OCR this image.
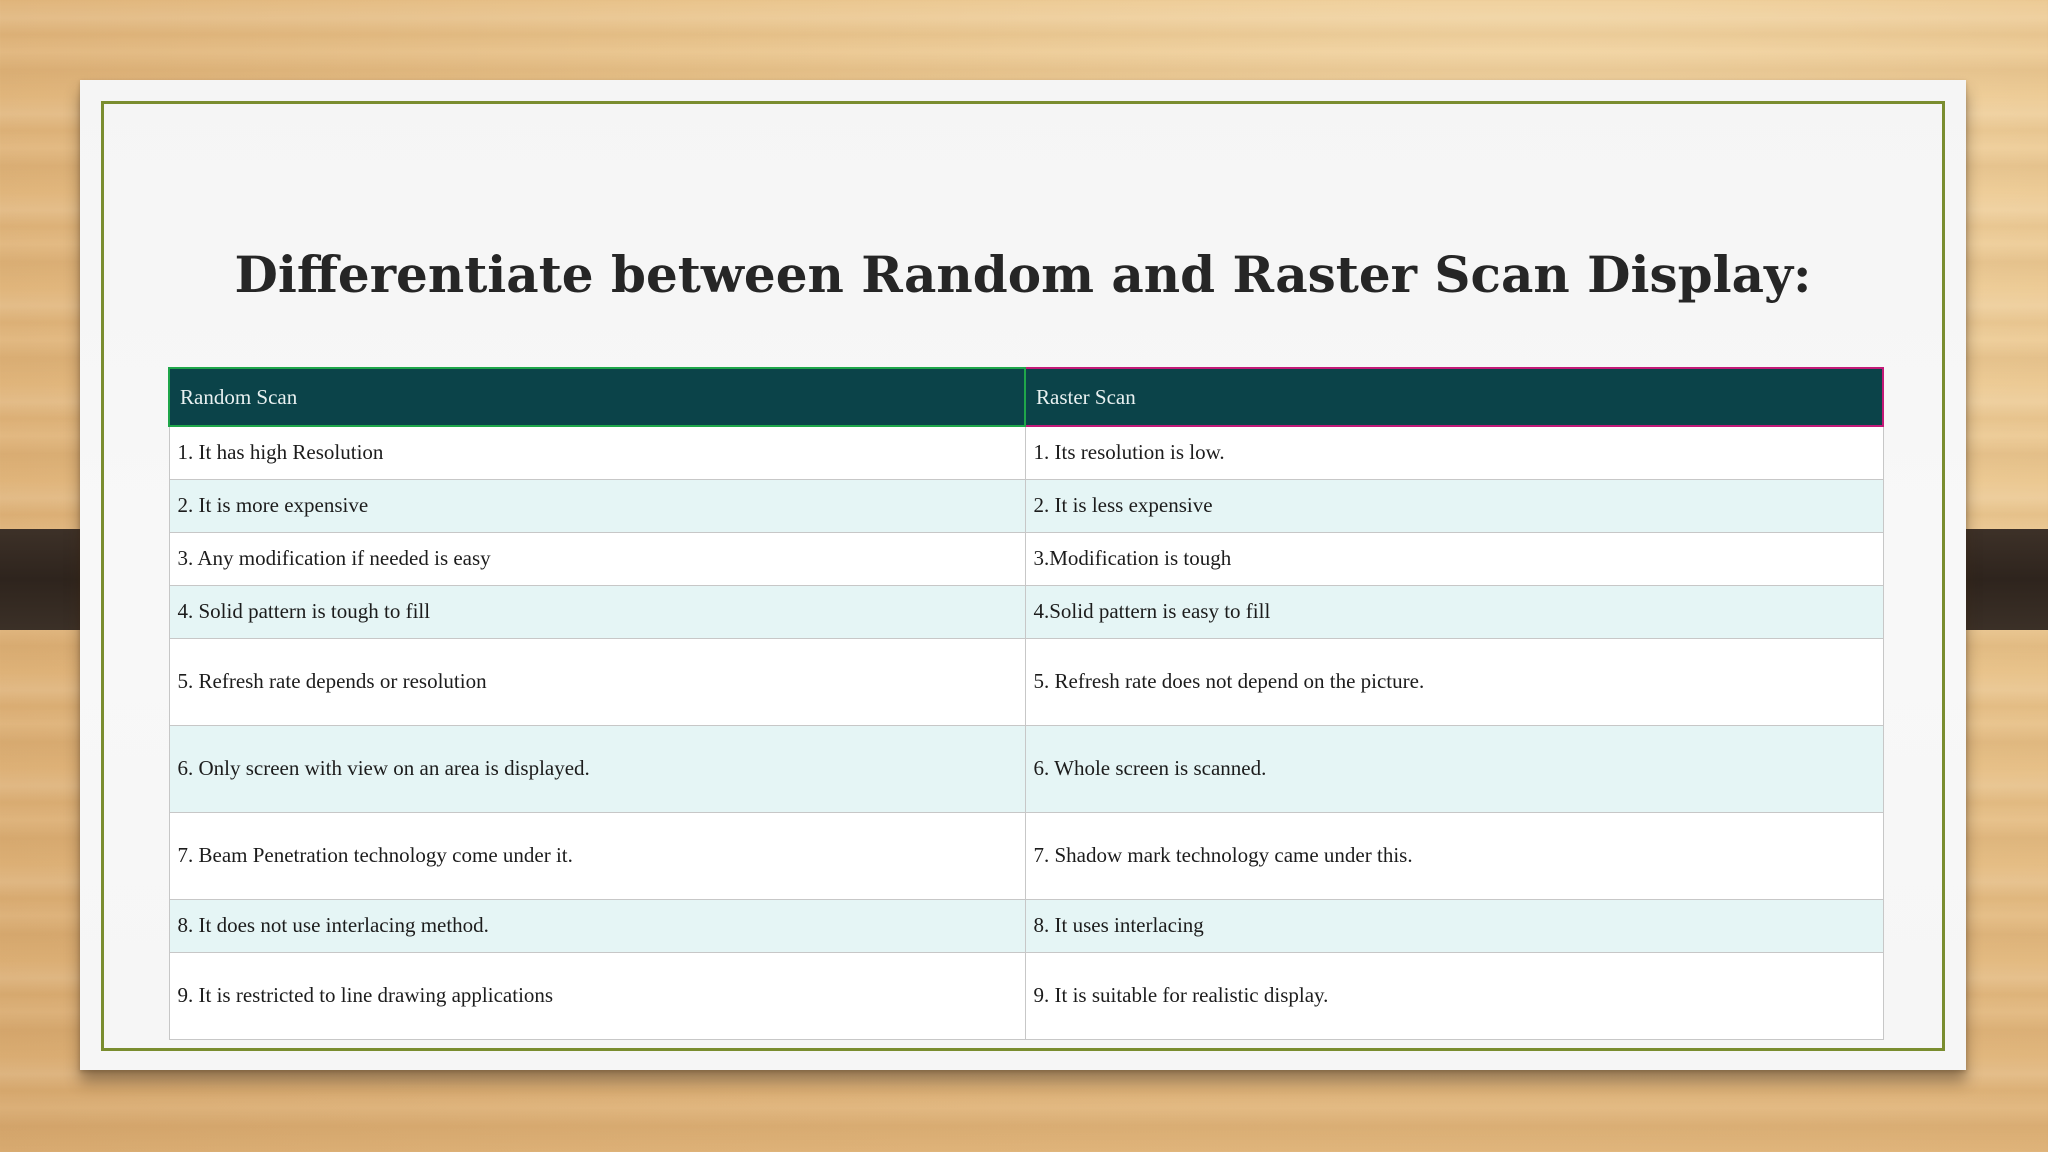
Differentiate between Random and Raster Scan Display:
Random Scan	Raster Scan
1. It has high Resolution	1. Its resolution is low.
2. It is more expensive	2. It is less expensive
3. Any modification if needed is easy	3.Modification is tough
4. Solid pattern is tough to fill	4.Solid pattern is easy to fill
5. Refresh rate depends or resolution	5. Refresh rate does not depend on the picture.
6. Only screen with view on an area is displayed.	6. Whole screen is scanned.
7. Beam Penetration technology come under it.	7. Shadow mark technology came under this.
8. It does not use interlacing method.	8. It uses interlacing
9. It is restricted to line drawing applications	9. It is suitable for realistic display.
